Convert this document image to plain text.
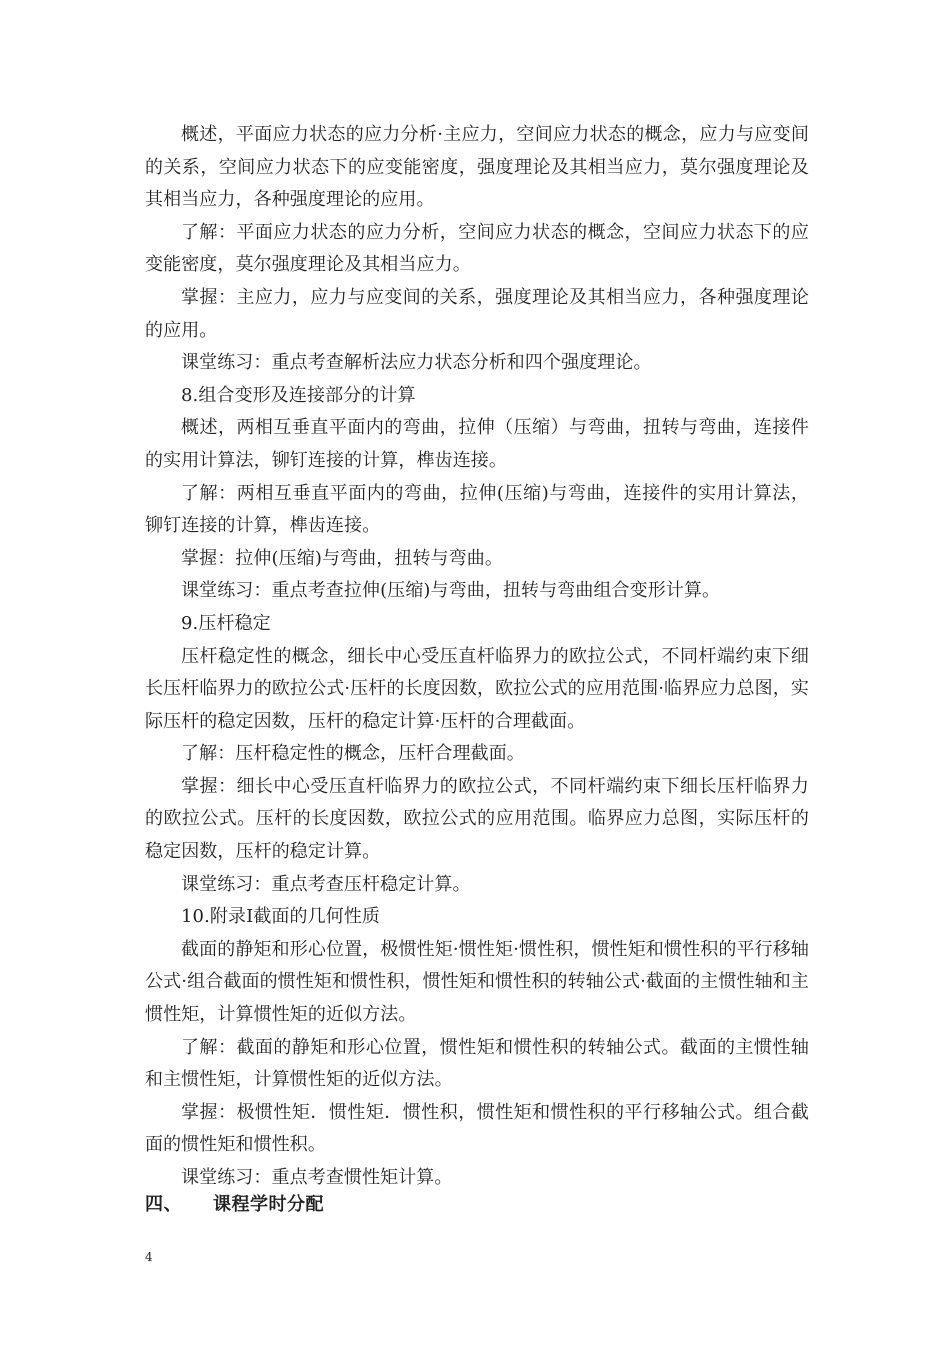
概述，平面应力状态的应力分析·主应力，空间应力状态的概念，应力与应变间的关系，空间应力状态下的应变能密度，强度理论及其相当应力，莫尔强度理论及其相当应力，各种强度理论的应用。

了解：平面应力状态的应力分析，空间应力状态的概念，空间应力状态下的应变能密度，莫尔强度理论及其相当应力。

掌握：主应力，应力与应变间的关系，强度理论及其相当应力，各种强度理论的应用。

课堂练习：重点考查解析法应力状态分析和四个强度理论。

8.组合变形及连接部分的计算

概述，两相互垂直平面内的弯曲，拉伸（压缩）与弯曲，扭转与弯曲，连接件的实用计算法，铆钉连接的计算，榫齿连接。

了解：两相互垂直平面内的弯曲，拉伸(压缩)与弯曲，连接件的实用计算法，铆钉连接的计算，榫齿连接。

掌握：拉伸(压缩)与弯曲，扭转与弯曲。

课堂练习：重点考查拉伸(压缩)与弯曲，扭转与弯曲组合变形计算。

9.压杆稳定

压杆稳定性的概念，细长中心受压直杆临界力的欧拉公式，不同杆端约束下细长压杆临界力的欧拉公式·压杆的长度因数，欧拉公式的应用范围·临界应力总图，实际压杆的稳定因数，压杆的稳定计算·压杆的合理截面。

了解：压杆稳定性的概念，压杆合理截面。

掌握：细长中心受压直杆临界力的欧拉公式，不同杆端约束下细长压杆临界力的欧拉公式。压杆的长度因数，欧拉公式的应用范围。临界应力总图，实际压杆的稳定因数，压杆的稳定计算。

课堂练习：重点考查压杆稳定计算。

10.附录Ⅰ截面的几何性质

截面的静矩和形心位置，极惯性矩·惯性矩·惯性积，惯性矩和惯性积的平行移轴公式·组合截面的惯性矩和惯性积，惯性矩和惯性积的转轴公式·截面的主惯性轴和主惯性矩，计算惯性矩的近似方法。

了解：截面的静矩和形心位置，惯性矩和惯性积的转轴公式。截面的主惯性轴和主惯性矩，计算惯性矩的近似方法。

掌握：极惯性矩．惯性矩．惯性积，惯性矩和惯性积的平行移轴公式。组合截面的惯性矩和惯性积。

课堂练习：重点考查惯性矩计算。

四、 课程学时分配
4
